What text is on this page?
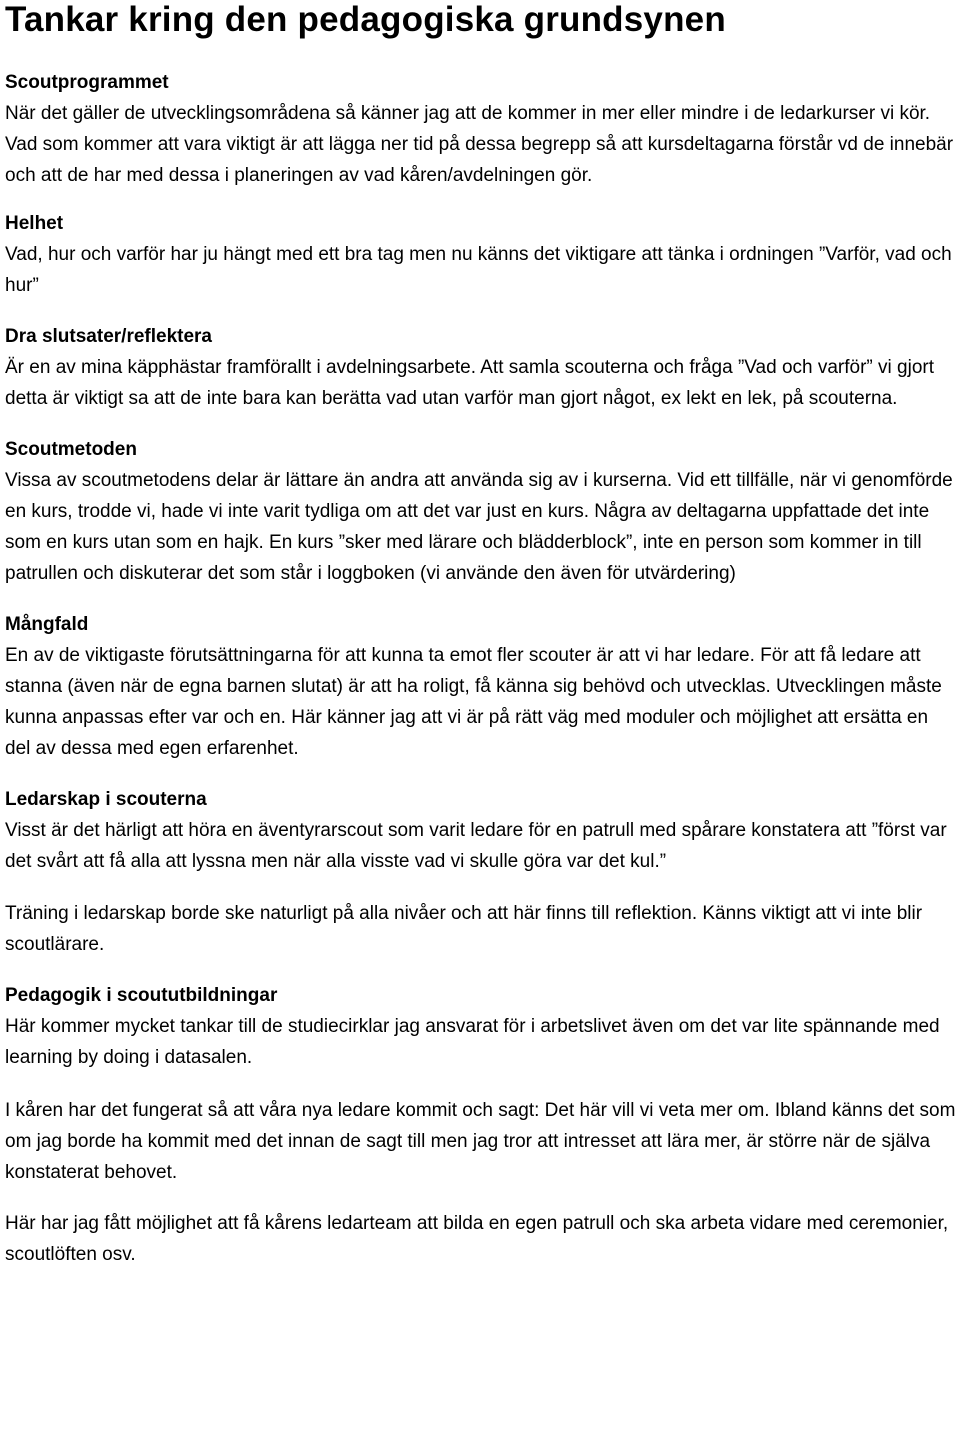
Tankar kring den pedagogiska grundsynen
Scoutprogrammet

När det gäller de utvecklingsområdena så känner jag att de kommer in mer eller mindre i de ledarkurser vi kör. Vad som kommer att vara viktigt är att lägga ner tid på dessa begrepp så att kursdeltagarna förstår vd de innebär och att de har med dessa i planeringen av vad kåren/avdelningen gör.

Helhet

Vad, hur och varför har ju hängt med ett bra tag men nu känns det viktigare att tänka i ordningen ”Varför, vad och hur”

Dra slutsater/reflektera

Är en av mina käpphästar framförallt i avdelningsarbete. Att samla scouterna och fråga ”Vad och varför” vi gjort detta är viktigt sa att de inte bara kan berätta vad utan varför man gjort något, ex lekt en lek, på scouterna.

Scoutmetoden

Vissa av scoutmetodens delar är lättare än andra att använda sig av i kurserna. Vid ett tillfälle, när vi genomförde en kurs, trodde vi, hade vi inte varit tydliga om att det var just en kurs. Några av deltagarna uppfattade det inte som en kurs utan som en hajk. En kurs ”sker med lärare och blädderblock”, inte en person som kommer in till patrullen och diskuterar det som står i loggboken (vi använde den även för utvärdering)

Mångfald

En av de viktigaste förutsättningarna för att kunna ta emot fler scouter är att vi har ledare. För att få ledare att stanna (även när de egna barnen slutat) är att ha roligt, få känna sig behövd och utvecklas. Utvecklingen måste kunna anpassas efter var och en. Här känner jag att vi är på rätt väg med moduler och möjlighet att ersätta en del av dessa med egen erfarenhet.

Ledarskap i scouterna

Visst är det härligt att höra en äventyrarscout som varit ledare för en patrull med spårare konstatera att ”först var det svårt att få alla att lyssna men när alla visste vad vi skulle göra var det kul.”

Träning i ledarskap borde ske naturligt på alla nivåer och att här finns till reflektion. Känns viktigt att vi inte blir scoutlärare.

Pedagogik i scoututbildningar

Här kommer mycket tankar till de studiecirklar jag ansvarat för i arbetslivet även om det var lite spännande med learning by doing i datasalen.

I kåren har det fungerat så att våra nya ledare kommit och sagt: Det här vill vi veta mer om. Ibland känns det som om jag borde ha kommit med det innan de sagt till men jag tror att intresset att lära mer, är större när de själva konstaterat behovet.

Här har jag fått möjlighet att få kårens ledarteam att bilda en egen patrull och ska arbeta vidare med ceremonier, scoutlöften osv.
